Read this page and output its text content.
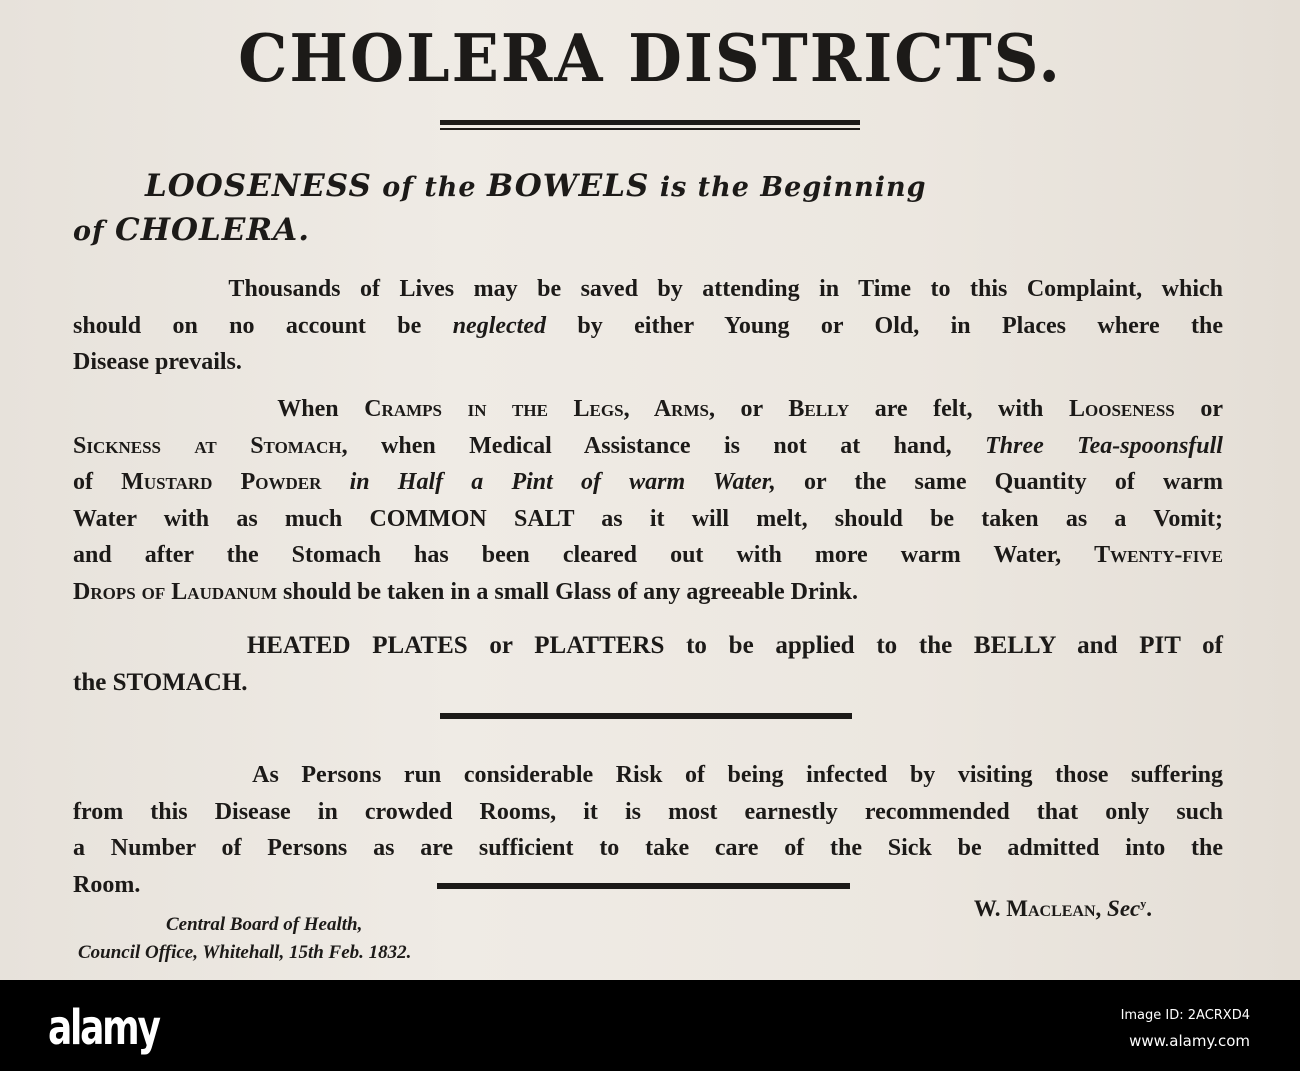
CHOLERA DISTRICTS.
LOOSENESS of the BOWELS is the Beginning
of CHOLERA.
Thousands of Lives may be saved by attending in Time to this Complaint, which
should on no account be neglected by either Young or Old, in Places where the
Disease prevails.
When Cramps in the Legs, Arms, or Belly are felt, with Looseness or
Sickness at Stomach, when Medical Assistance is not at hand, Three Tea-spoonsfull
of Mustard Powder in Half a Pint of warm Water, or the same Quantity of warm
Water with as much COMMON SALT as it will melt, should be taken as a Vomit;
and after the Stomach has been cleared out with more warm Water, Twenty-five
Drops of Laudanum should be taken in a small Glass of any agreeable Drink.
HEATED PLATES or PLATTERS to be applied to the BELLY and PIT of
the STOMACH.
As Persons run considerable Risk of being infected by visiting those suffering
from this Disease in crowded Rooms, it is most earnestly recommended that only such
a Number of Persons as are sufficient to take care of the Sick be admitted into the
Room.
W. Maclean, Sec$^y$.
Central Board of Health,
Council Office, Whitehall, 15th Feb. 1832.
alamy	Image ID: 2ACRXD4
www.alamy.com
